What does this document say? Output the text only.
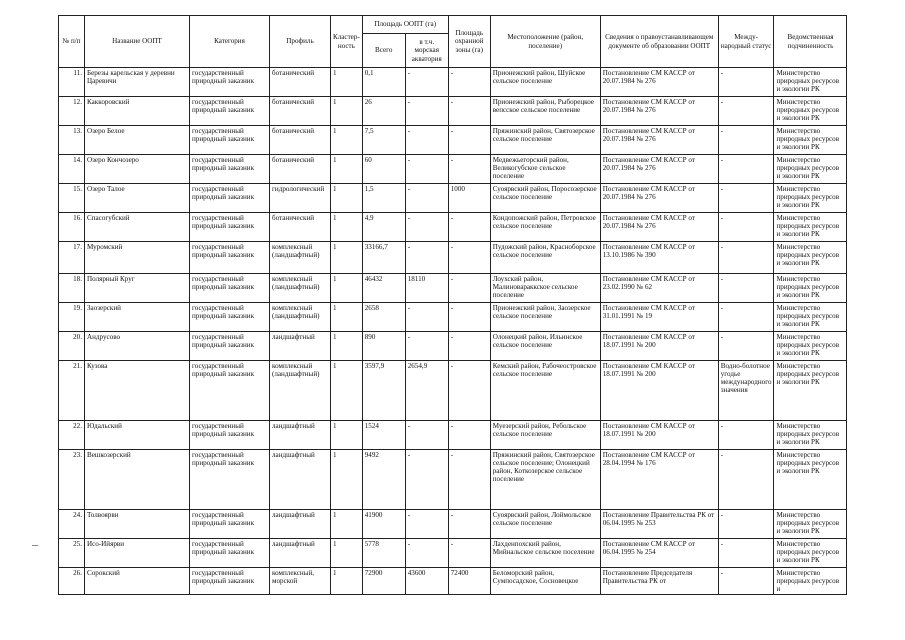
№ п/п	Название ООПТ	Категория	Профиль	Кластер-ность	Площадь ООПТ (га)		Площадь охранной зоны (га)	Местоположение (район, поселение)	Сведения о правоустанавливающем документе об образовании ООПТ	Между-народный статус	Ведомственная подчиненность
					Всего	в т.ч. морская акватория					
11.	Березы карельская у деревни Царевичи	государственный природный заказник	ботанический	1	0,1	-	-	Прионежский район, Шуйское сельское поселение	Постановление СМ КАССР от 20.07.1984 № 276	-	Министерство природных ресурсов и экологии РК
12.	Каккоровский	государственный природный заказник	ботанический	1	26	-	-	Прионежский район, Рыборецкое вепсское сельское поселение	Постановление СМ КАССР от 20.07.1984 № 276	-	Министерство природных ресурсов и экологии РК
13.	Озеро Белое	государственный природный заказник	ботанический	1	7,5	-	-	Пряжинский район, Святозерское сельское поселение	Постановление СМ КАССР от 20.07.1984 № 276	-	Министерство природных ресурсов и экологии РК
14.	Озеро Кончозеро	государственный природный заказник	ботанический	1	60	-	-	Медвежьегорский район, Великогубское сельское поселение	Постановление СМ КАССР от 20.07.1984 № 276	-	Министерство природных ресурсов и экологии РК
15.	Озеро Талое	государственный природный заказник	гидрологический	1	1,5	-	1000	Суоярвский район, Поросозерское сельское поселение	Постановление СМ КАССР от 20.07.1984 № 276	-	Министерство природных ресурсов и экологии РК
16.	Спасогубский	государственный природный заказник	ботанический	1	4,9	-	-	Кондопожский район, Петровское сельское поселение	Постановление СМ КАССР от 20.07.1984 № 276	-	Министерство природных ресурсов и экологии РК
17.	Муромский	государственный природный заказник	комплексный (ландшафтный)	1	33166,7	-	-	Пудожский район, Красноборское сельское поселение	Постановление СМ КАССР от 13.10.1986 № 390	-	Министерство природных ресурсов и экологии РК
18.	Полярный Круг	государственный природный заказник	комплексный (ландшафтный)	1	46432	18110	-	Лоухский район, Малиновараккское сельское поселение	Постановление СМ КАССР от 23.02.1990 № 62	-	Министерство природных ресурсов и экологии РК
19.	Заозерский	государственный природный заказник	комплексный (ландшафтный)	1	2658	-	-	Прионежский район, Заозерское сельское поселение	Постановление СМ КАССР от 31.01.1991 № 19	-	Министерство природных ресурсов и экологии РК
20.	Андрусово	государственный природный заказник	ландшафтный	1	890	-	-	Олонецкий район, Ильинское сельское поселение	Постановление СМ КАССР от 18.07.1991 № 200	-	Министерство природных ресурсов и экологии РК
21.	Кузова	государственный природный заказник	комплексный (ландшафтный)	1	3597,9	2654,9	-	Кемский район, Рабочеостровское сельское поселение	Постановление СМ КАССР от 18.07.1991 № 200	Водно-болотное угодье международного значения	Министерство природных ресурсов и экологии РК
22.	Юдальский	государственный природный заказник	ландшафтный	1	1524	-	-	Муезерский район, Ребольское сельское поселение	Постановление СМ КАССР от 18.07.1991 № 200	-	Министерство природных ресурсов и экологии РК
23.	Вешкозерский	государственный природный заказник	ландшафтный	1	9492	-	-	Пряжинский район, Святозерское сельское поселение; Олонецкий район, Коткозерское сельское поселение	Постановление СМ КАССР от 28.04.1994 № 176	-	Министерство природных ресурсов и экологии РК
24.	Толвоярви	государственный природный заказник	ландшафтный	1	41900	-	-	Суоярвский район, Лоймольское сельское поселение	Постановление Правительства РК от 06.04.1995 № 253	-	Министерство природных ресурсов и экологии РК
25.	Исо-Ийярви	государственный природный заказник	ландшафтный	1	5778	-	-	Лахденпохский район, Мийнальское сельское поселение	Постановление СМ КАССР от 06.04.1995 № 254	-	Министерство природных ресурсов и экологии РК
26.	Сорокский	государственный природный заказник	комплексный, морской	1	72900	43600	72400	Беломорский район, Сумпосадское, Сосновецкое	Постановление Председателя Правительства РК от	-	Министерство природных ресурсов и
